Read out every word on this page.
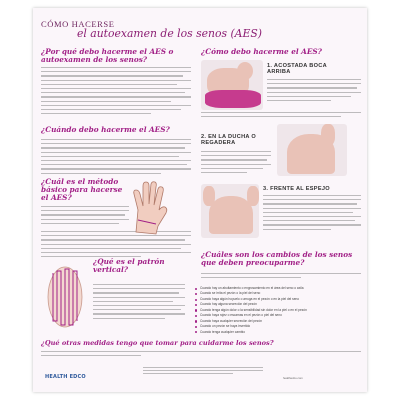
CÓMO HACERSE
el autoexamen de los senos (AES)
¿Por qué debo hacerme el AES o autoexamen de los senos?
¿Cuándo debo hacerme el AES?
¿Cuál es el método básico para hacerse el AES?
¿Qué es el patrón vertical?
¿Cómo debo hacerme el AES?
1. ACOSTADA BOCA ARRIBA
2. EN LA DUCHA O REGADERA
3. FRENTE AL ESPEJO
¿Cuáles son los cambios de los senos que deben preocuparme?
Cuando hay un abultamiento o engrosamiento en el área del seno o axila
Cuando se irrita el pezón o la piel del seno
Cuando haya algún hoyuelo o arruga en el pezón o en la piel del seno
Cuando hay alguna secreción del pezón
Cuando tenga algún dolor o la sensibilidad sin dolor en la piel o en el pezón
Cuando haya rojez o escamas en el pezón o piel del seno
Cuando haya cualquier secreción del pezón
Cuando un pezón se haya invertido
Cuando tenga cualquier cambio
¿Qué otras medidas tengo que tomar para cuidarme los senos?
HEALTH EDCO	healthedco.com
